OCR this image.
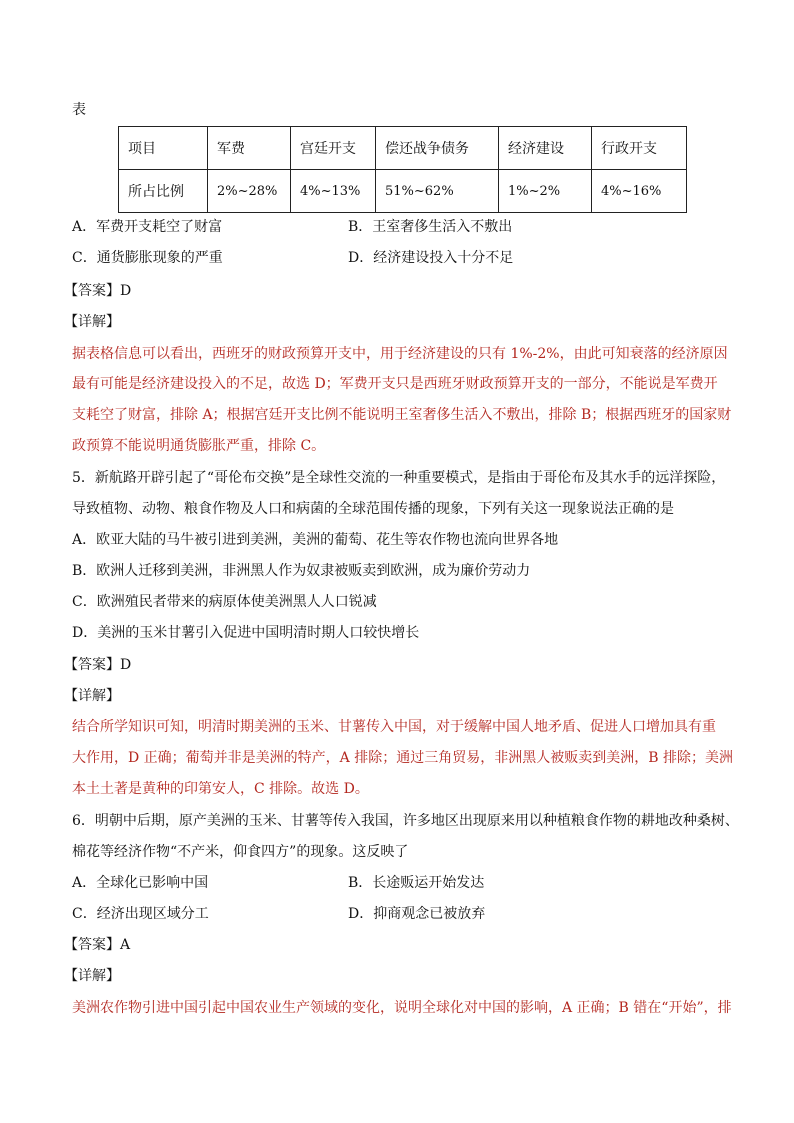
表
项目	军费	宫廷开支	偿还战争债务	经济建设	行政开支
所占比例	2%~28%	4%~13%	51%~62%	1%~2%	4%~16%
A．军费开支耗空了财富	B．王室奢侈生活入不敷出
C．通货膨胀现象的严重	D．经济建设投入十分不足
【答案】D
【详解】
据表格信息可以看出，西班牙的财政预算开支中，用于经济建设的只有 1%-2%，由此可知衰落的经济原因
最有可能是经济建设投入的不足，故选 D；军费开支只是西班牙财政预算开支的一部分，不能说是军费开
支耗空了财富，排除 A；根据宫廷开支比例不能说明王室奢侈生活入不敷出，排除 B；根据西班牙的国家财
政预算不能说明通货膨胀严重，排除 C。
5．新航路开辟引起了“哥伦布交换”是全球性交流的一种重要模式，是指由于哥伦布及其水手的远洋探险，
导致植物、动物、粮食作物及人口和病菌的全球范围传播的现象，下列有关这一现象说法正确的是
A．欧亚大陆的马牛被引进到美洲，美洲的葡萄、花生等农作物也流向世界各地
B．欧洲人迁移到美洲，非洲黑人作为奴隶被贩卖到欧洲，成为廉价劳动力
C．欧洲殖民者带来的病原体使美洲黑人人口锐减
D．美洲的玉米甘薯引入促进中国明清时期人口较快增长
【答案】D
【详解】
结合所学知识可知，明清时期美洲的玉米、甘薯传入中国，对于缓解中国人地矛盾、促进人口增加具有重
大作用，D 正确；葡萄并非是美洲的特产，A 排除；通过三角贸易，非洲黑人被贩卖到美洲，B 排除；美洲
本土土著是黄种的印第安人，C 排除。故选 D。
6．明朝中后期，原产美洲的玉米、甘薯等传入我国，许多地区出现原来用以种植粮食作物的耕地改种桑树、
棉花等经济作物“不产米，仰食四方”的现象。这反映了
A．全球化已影响中国	B．长途贩运开始发达
C．经济出现区域分工	D．抑商观念已被放弃
【答案】A
【详解】
美洲农作物引进中国引起中国农业生产领域的变化，说明全球化对中国的影响，A 正确；B 错在“开始”，排
